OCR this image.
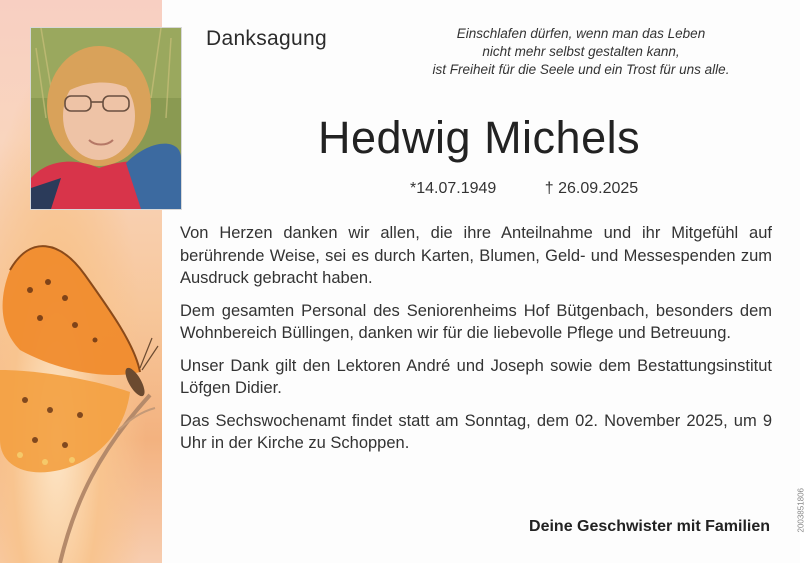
Danksagung	Einschlafen dürfen, wenn man das Leben
nicht mehr selbst gestalten kann,
ist Freiheit für die Seele und ein Trost für uns alle.
Hedwig Michels
*14.07.1949	† 26.09.2025

Von Herzen danken wir allen, die ihre Anteilnahme und ihr Mitgefühl auf berührende Weise, sei es durch Karten, Blumen, Geld- und Messespenden zum Ausdruck gebracht haben.

Dem gesamten Personal des Seniorenheims Hof Bütgenbach, besonders dem Wohnbereich Büllingen, danken wir für die liebevolle Pflege und Betreuung.

Unser Dank gilt den Lektoren André und Joseph sowie dem Bestattungsinstitut Löfgen Didier.

Das Sechswochenamt findet statt am Sonntag, dem 02. November 2025, um 9 Uhr in der Kirche zu Schoppen.

Deine Geschwister mit Familien	2003851806
